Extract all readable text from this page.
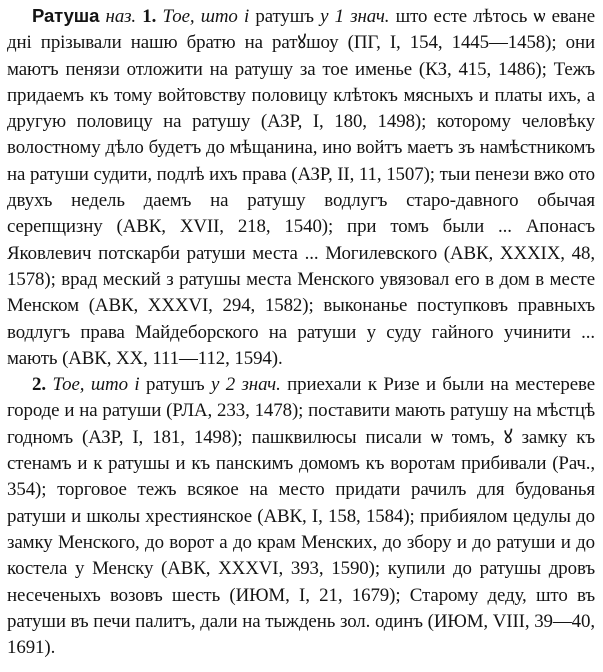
Ратуша наз. 1. Тое, што і ратушъ у 1 знач. што есте лѣтось ѡ еване дні прізывали нашю братю на ратꙋшоу (ПГ, І, 154, 1445—1458); они маютъ пенязи отложити на ратушу за тое именье (КЗ, 415, 1486); Тежъ придаемъ къ тому войтовству половицу клѣтокъ мясныхъ и платы ихъ, а другую половицу на ратушу (АЗР, І, 180, 1498); которому человѣку волостному дѣло будетъ до мѣщанина, ино войтъ маетъ зъ намѣстникомъ на ратуши судити, подлѣ ихъ права (АЗР, ІІ, 11, 1507); тыи пенези вжо ото двухъ недель даемъ на ратушу водлугъ старо-давного обычая серепщизну (АВК, XVII, 218, 1540); при томъ были ... Апонасъ Яковлевич потскарби ратуши места ... Могилевского (АВК, XXXIX, 48, 1578); врад меский з ратушы места Менского увязовал его в дом в месте Менском (АВК, XXXVI, 294, 1582); выконанье поступковъ правныхъ водлугъ права Майдеборского на ратуши у суду гайного учинити ... мають (АВК, XX, 111—112, 1594).

2. Тое, што і ратушъ у 2 знач. приехали к Ризе и были на местереве городе и на ратуши (РЛА, 233, 1478); поставити мають ратушу на мѣстцѣ годномъ (АЗР, І, 181, 1498); пашквилюсы писали ѡ томъ, ꙋ замку къ стенамъ и к ратушы и къ панскимъ домомъ къ воротам прибивали (Рач., 354); торговое тежъ всякое на место придати рачилъ для будованья ратуши и школы хрестиянское (АВК, І, 158, 1584); прибиялом цедулы до замку Менского, до ворот а до крам Менских, до збору и до ратуши и до костела у Менску (АВК, XXXVI, 393, 1590); купили до ратушы дровъ несеченыхъ возовъ шесть (ИЮМ, І, 21, 1679); Старому деду, што въ ратуши въ печи палитъ, дали на тыждень зол. одинъ (ИЮМ, VIII, 39—40, 1691).
